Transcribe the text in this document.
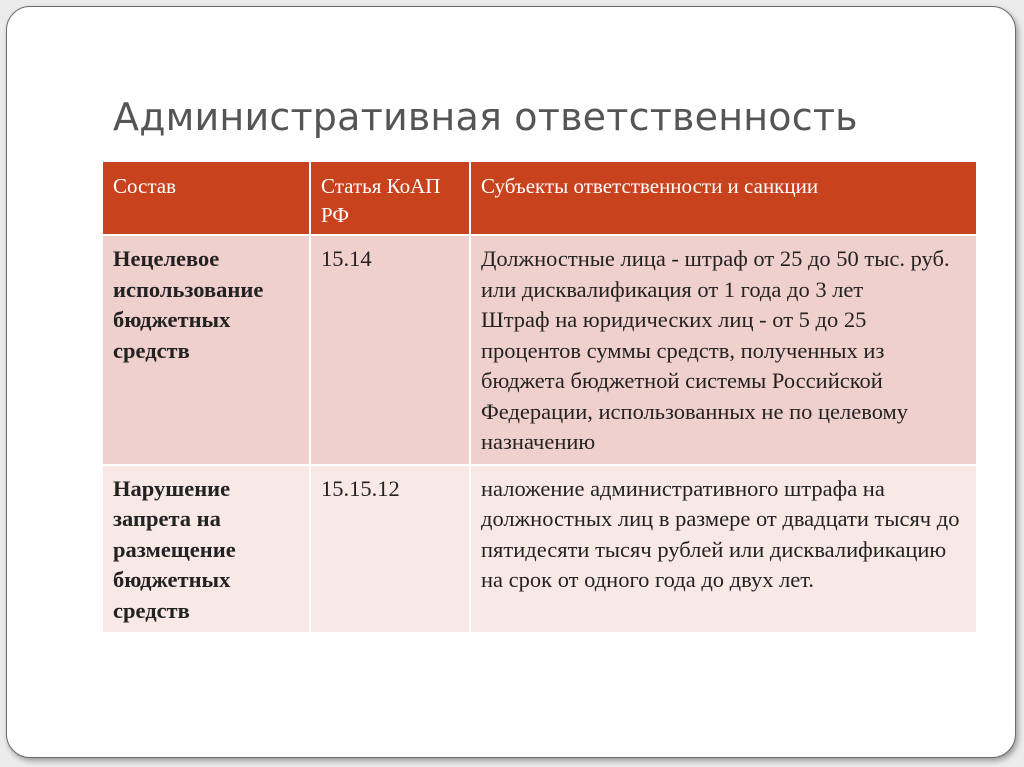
Административная ответственность
Состав	Статья КоАП РФ	Субъекты ответственности и санкции
Нецелевое использование бюджетных средств	15.14	Должностные лица - штраф от 25 до 50 тыс. руб. или дисквалификация от 1 года до 3 лет
Штраф на юридических лиц - от 5 до 25 процентов суммы средств, полученных из бюджета бюджетной системы Российской Федерации, использованных не по целевому назначению

Нарушение запрета на размещение бюджетных средств	15.15.12	наложение административного штрафа на должностных лиц в размере от двадцати тысяч до пятидесяти тысяч рублей или дисквалификацию на срок от одного года до двух лет.
